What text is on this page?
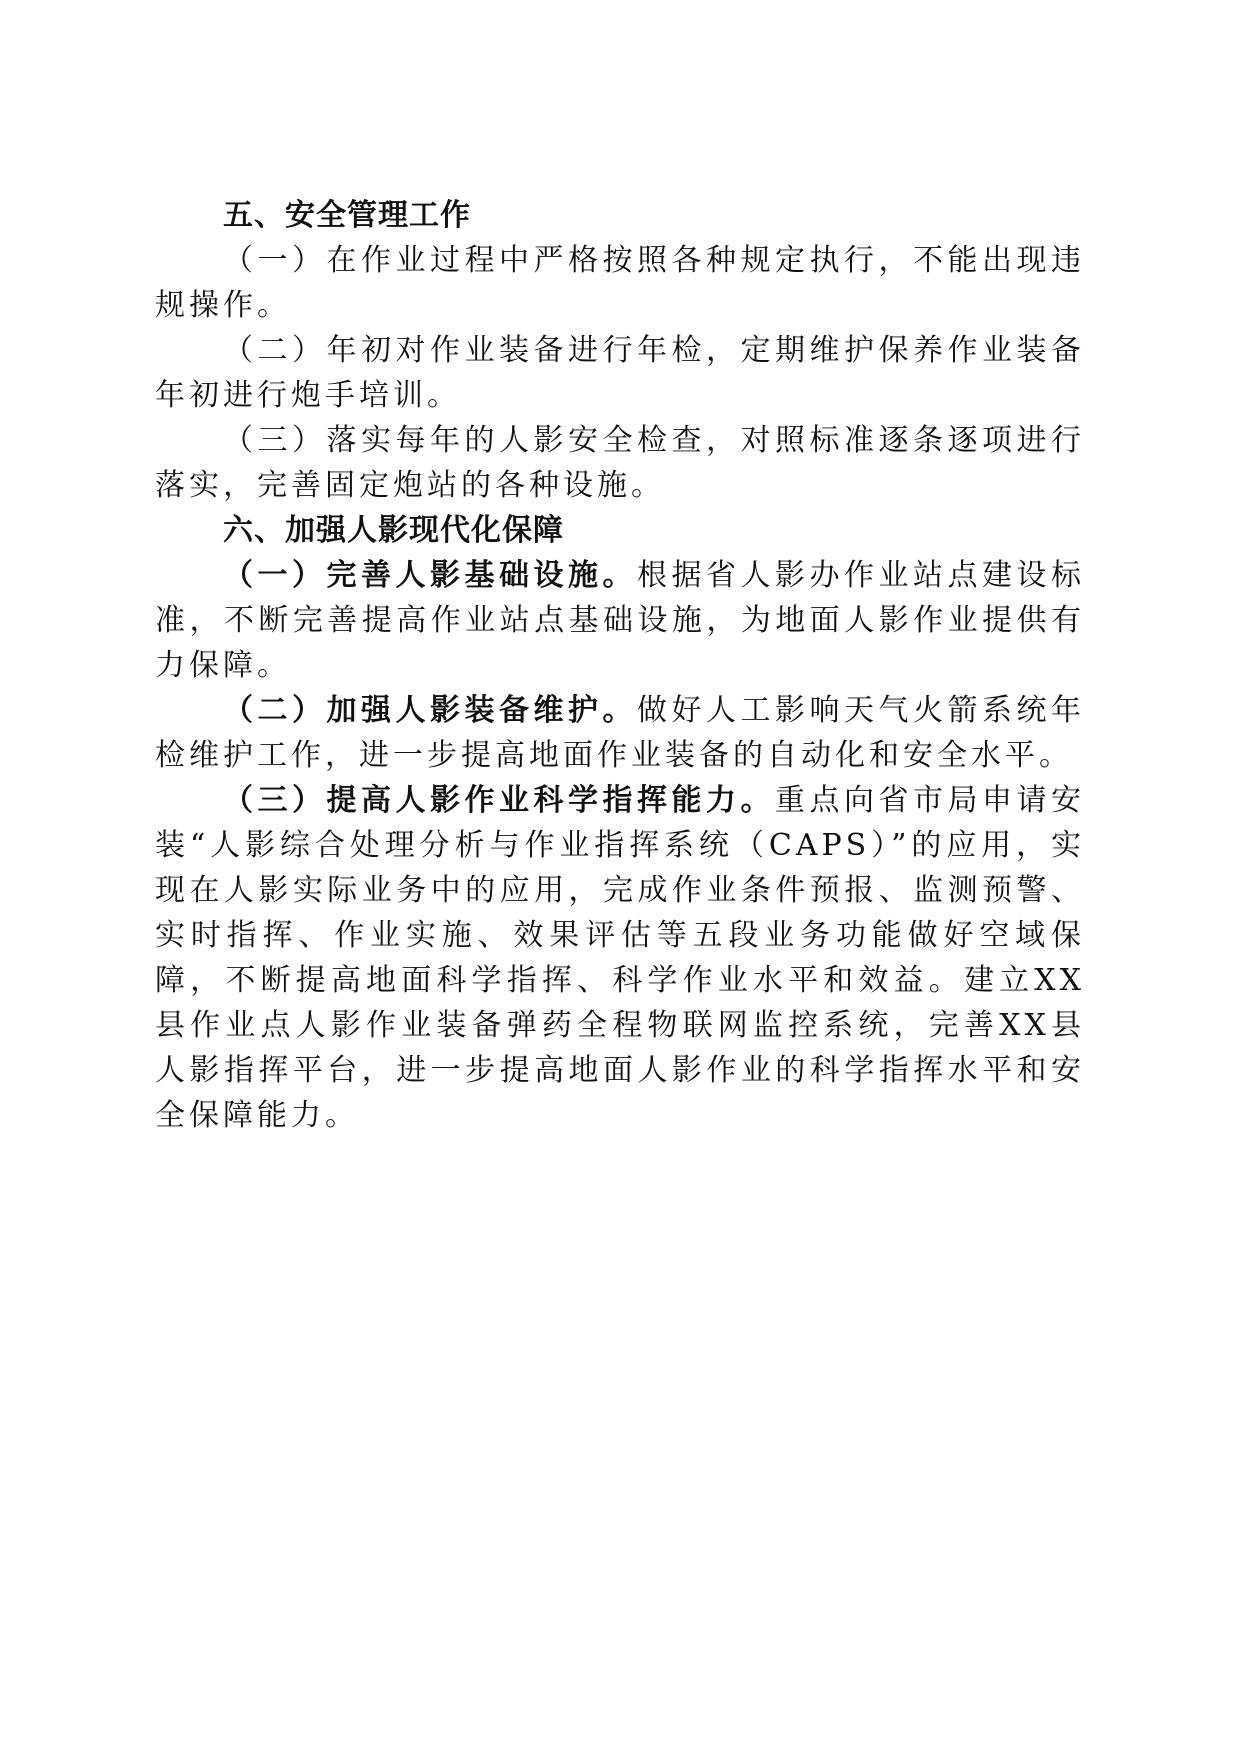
五、安全管理工作

（一）在作业过程中严格按照各种规定执行，不能出现违规操作。

（二）年初对作业装备进行年检，定期维护保养作业装备年初进行炮手培训。

（三）落实每年的人影安全检查，对照标准逐条逐项进行落实，完善固定炮站的各种设施。

六、加强人影现代化保障

（一）完善人影基础设施。根据省人影办作业站点建设标准，不断完善提高作业站点基础设施，为地面人影作业提供有力保障。

（二）加强人影装备维护。做好人工影响天气火箭系统年检维护工作，进一步提高地面作业装备的自动化和安全水平。

（三）提高人影作业科学指挥能力。重点向省市局申请安装“人影综合处理分析与作业指挥系统（CAPS）”的应用，实现在人影实际业务中的应用，完成作业条件预报、监测预警、实时指挥、作业实施、效果评估等五段业务功能做好空域保障，不断提高地面科学指挥、科学作业水平和效益。建立XX县作业点人影作业装备弹药全程物联网监控系统，完善XX县人影指挥平台，进一步提高地面人影作业的科学指挥水平和安全保障能力。
